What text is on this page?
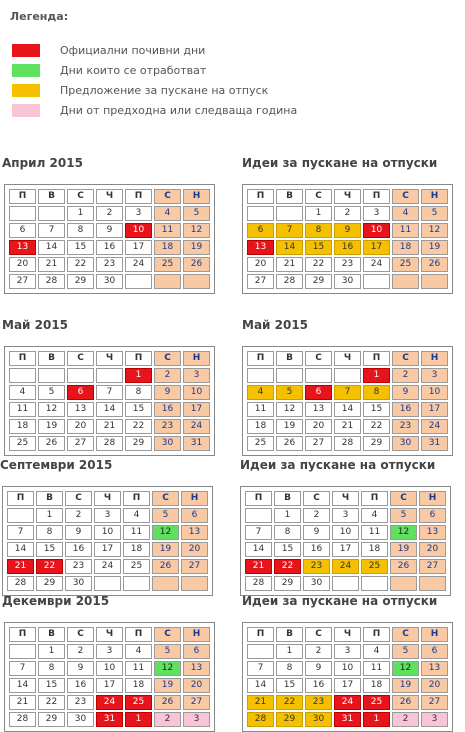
Легенда:
Официални почивни дни
Дни които се отработват
Предложение за пускане на отпуск
Дни от предходна или следваща година
Април 2015
П	В	С	Ч	П	С	Н
		1	2	3	4	5
6	7	8	9	10	11	12
13	14	15	16	17	18	19
20	21	22	23	24	25	26
27	28	29	30			
Идеи за пускане на отпуски
П	В	С	Ч	П	С	Н
		1	2	3	4	5
6	7	8	9	10	11	12
13	14	15	16	17	18	19
20	21	22	23	24	25	26
27	28	29	30			
Май 2015
П	В	С	Ч	П	С	Н
				1	2	3
4	5	6	7	8	9	10
11	12	13	14	15	16	17
18	19	20	21	22	23	24
25	26	27	28	29	30	31
Май 2015
П	В	С	Ч	П	С	Н
				1	2	3
4	5	6	7	8	9	10
11	12	13	14	15	16	17
18	19	20	21	22	23	24
25	26	27	28	29	30	31
Септември 2015
П	В	С	Ч	П	С	Н
	1	2	3	4	5	6
7	8	9	10	11	12	13
14	15	16	17	18	19	20
21	22	23	24	25	26	27
28	29	30				
Идеи за пускане на отпуски
П	В	С	Ч	П	С	Н
	1	2	3	4	5	6
7	8	9	10	11	12	13
14	15	16	17	18	19	20
21	22	23	24	25	26	27
28	29	30				
Декември 2015
П	В	С	Ч	П	С	Н
	1	2	3	4	5	6
7	8	9	10	11	12	13
14	15	16	17	18	19	20
21	22	23	24	25	26	27
28	29	30	31	1	2	3
Идеи за пускане на отпуски
П	В	С	Ч	П	С	Н
	1	2	3	4	5	6
7	8	9	10	11	12	13
14	15	16	17	18	19	20
21	22	23	24	25	26	27
28	29	30	31	1	2	3
